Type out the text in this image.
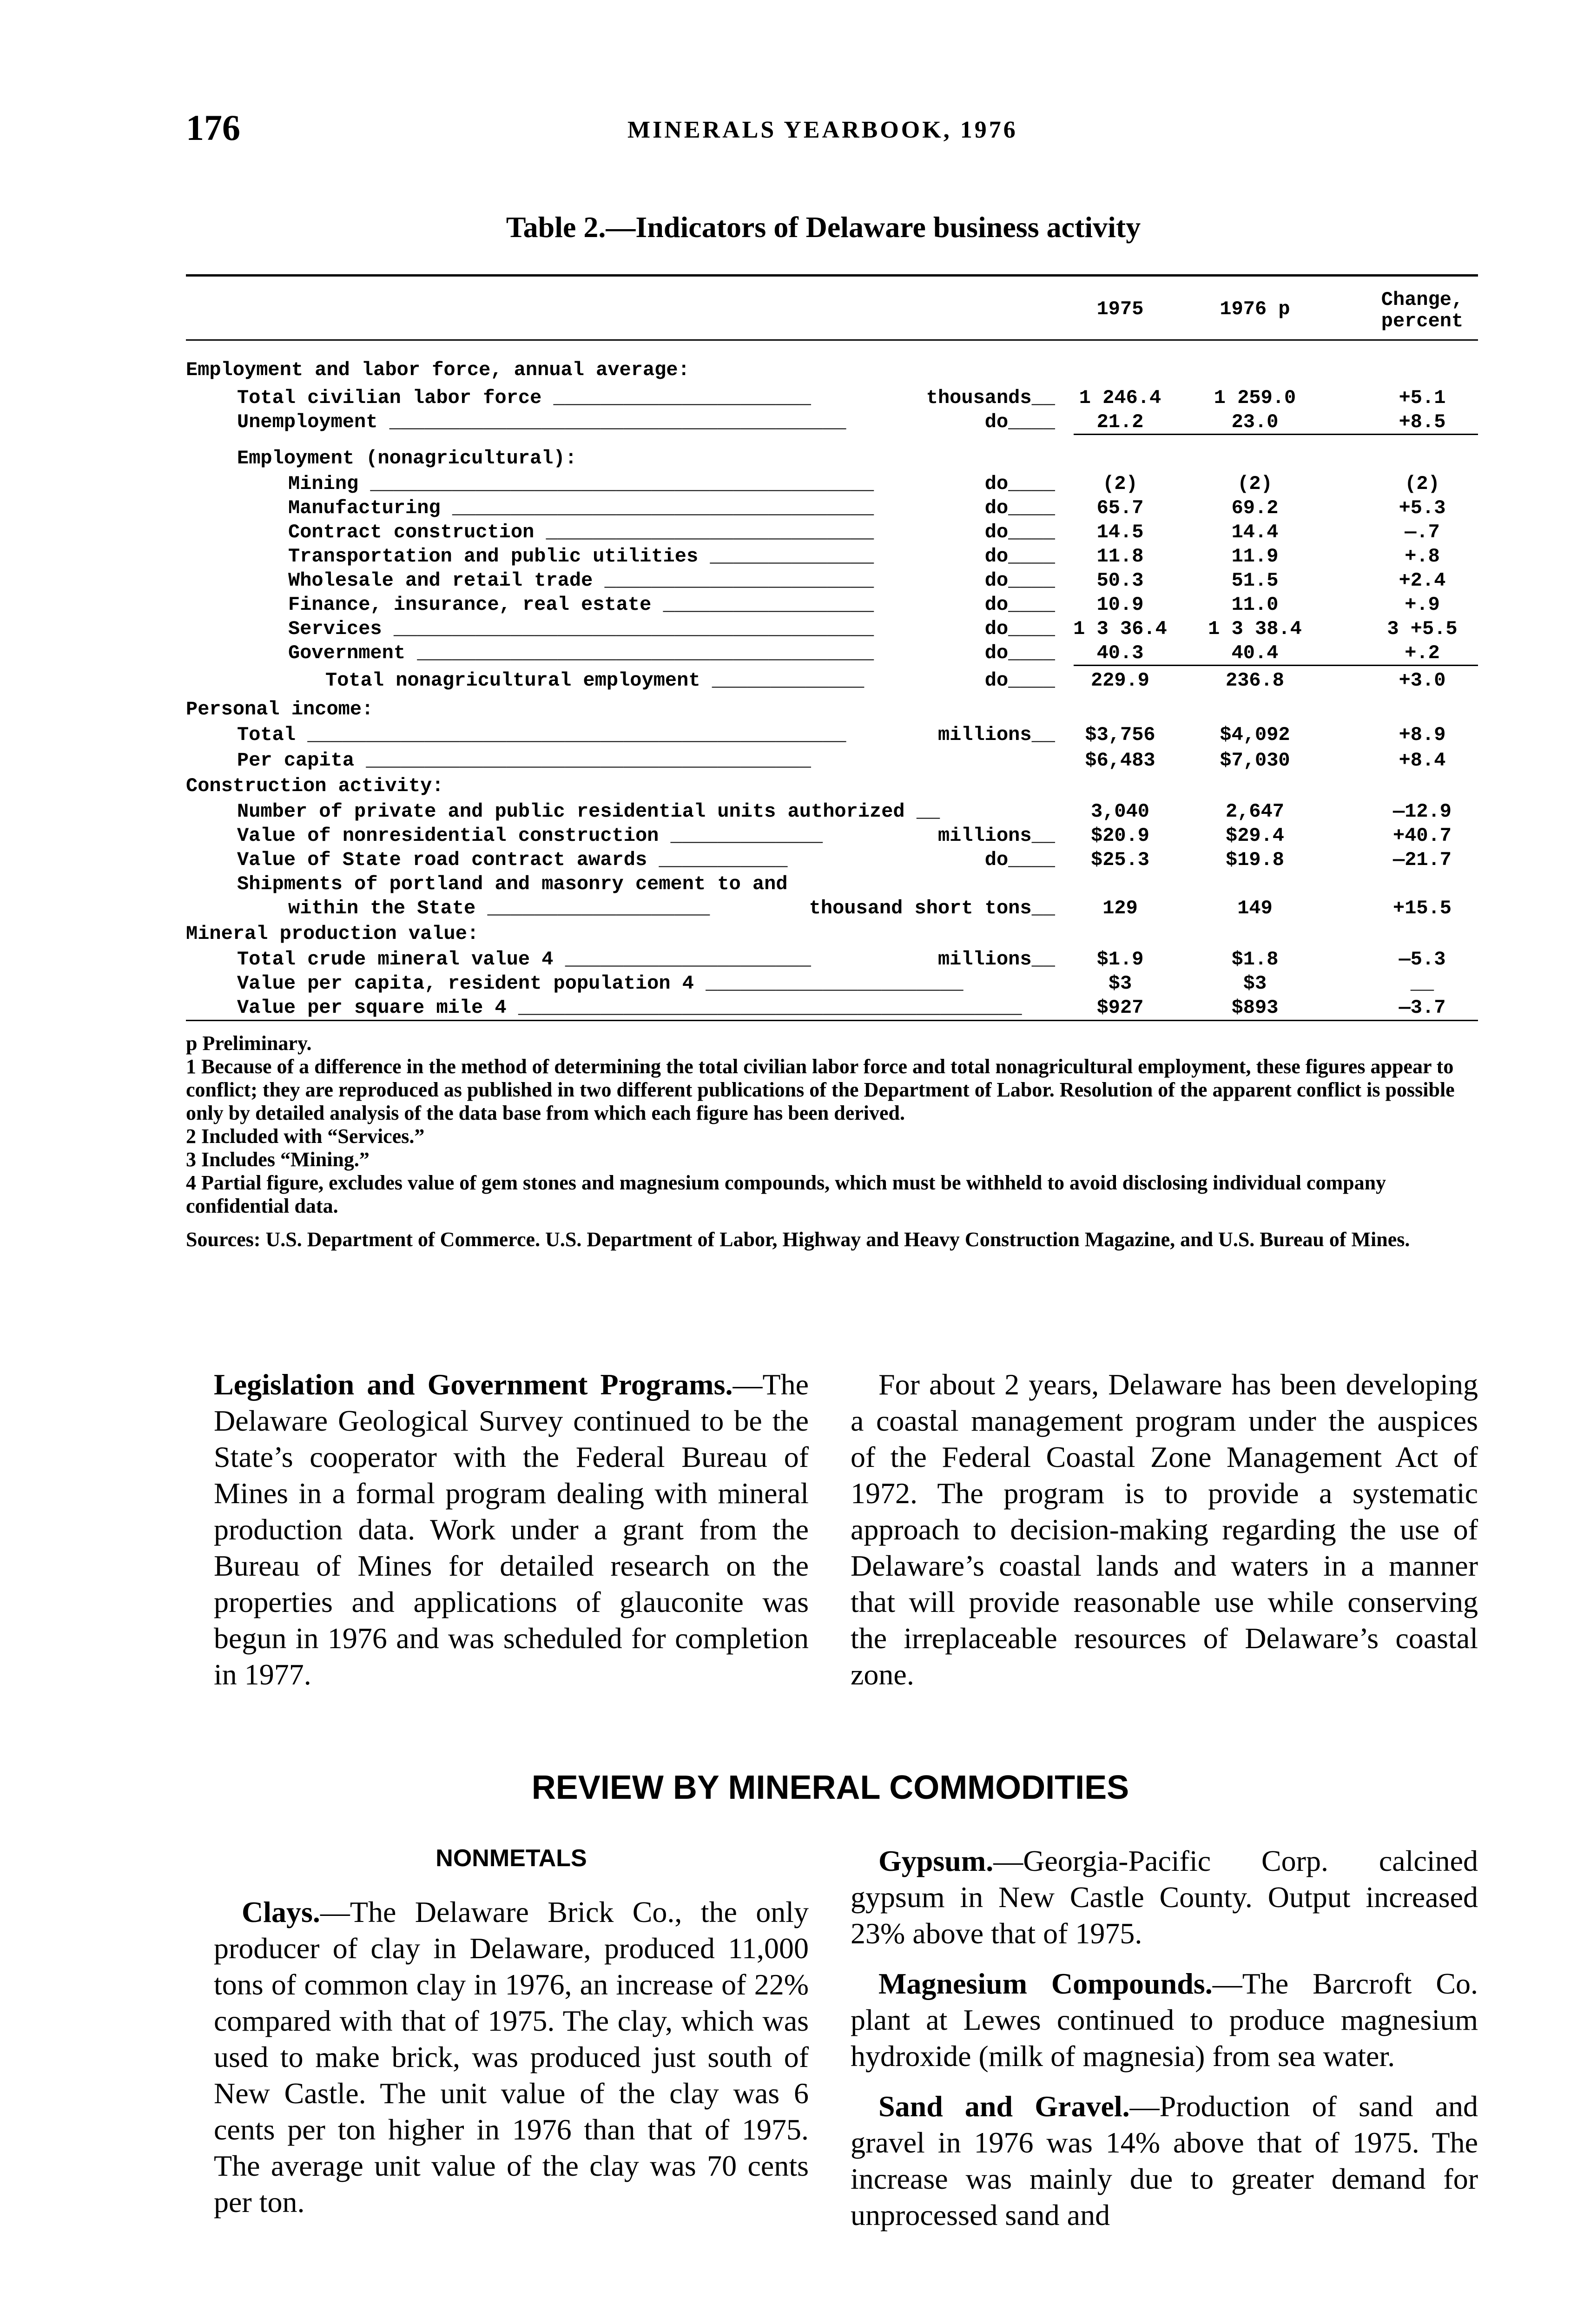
176	MINERALS YEARBOOK, 1976
Table 2.—Indicators of Delaware business activity
1975	1976 p	Change, percent
Employment and labor force, annual average:
Total civilian labor force ______________________	thousands__	1 246.4	1 259.0	+5.1
Unemployment _______________________________________	do____	21.2	23.0	+8.5
Employment (nonagricultural):
Mining ___________________________________________	do____	(2)	(2)	(2)
Manufacturing ____________________________________	do____	65.7	69.2	+5.3
Contract construction ____________________________	do____	14.5	14.4	—.7
Transportation and public utilities ______________	do____	11.8	11.9	+.8
Wholesale and retail trade _______________________	do____	50.3	51.5	+2.4
Finance, insurance, real estate __________________	do____	10.9	11.0	+.9
Services _________________________________________	do____ 1 3 36.4	1 3 38.4	3 +5.5
Government _______________________________________	do____	40.3	40.4	+.2
Total nonagricultural employment _____________	do____	229.9	236.8	+3.0
Personal income:
Total ______________________________________________	millions__	$3,756	$4,092	+8.9
Per capita ______________________________________	$6,483	$7,030	+8.4
Construction activity:
Number of private and public residential units authorized __	3,040	2,647	—12.9
Value of nonresidential construction _____________	millions__	$20.9	$29.4	+40.7
Value of State road contract awards ___________	do____	$25.3	$19.8	—21.7
Shipments of portland and masonry cement to and
within the State ___________________	thousand short tons__	129	149	+15.5
Mineral production value:
Total crude mineral value 4 _____________________	millions__	$1.9	$1.8	—5.3
Value per capita, resident population 4 ______________________	$3	$3	__
Value per square mile 4 ___________________________________________	$927	$893	—3.7

p Preliminary.

1 Because of a difference in the method of determining the total civilian labor force and total nonagricultural employment, these figures appear to conflict; they are reproduced as published in two different publications of the Department of Labor. Resolution of the apparent conflict is possible only by detailed analysis of the data base from which each figure has been derived.

2 Included with “Services.”

3 Includes “Mining.”

4 Partial figure, excludes value of gem stones and magnesium compounds, which must be withheld to avoid disclosing individual company confidential data.

Sources: U.S. Department of Commerce. U.S. Department of Labor, Highway and Heavy Construction Magazine, and U.S. Bureau of Mines.

Legislation and Government Programs.—The Delaware Geological Survey continued to be the State’s cooperator with the Federal Bureau of Mines in a formal program dealing with mineral production data. Work under a grant from the Bureau of Mines for detailed research on the properties and applications of glauconite was begun in 1976 and was scheduled for completion in 1977.

For about 2 years, Delaware has been developing a coastal management program under the auspices of the Federal Coastal Zone Management Act of 1972. The program is to provide a systematic approach to decision-making regarding the use of Delaware’s coastal lands and waters in a manner that will provide reasonable use while conserving the irreplaceable resources of Delaware’s coastal zone.

REVIEW BY MINERAL COMMODITIES
NONMETALS

Clays.—The Delaware Brick Co., the only producer of clay in Delaware, produced 11,000 tons of common clay in 1976, an increase of 22% compared with that of 1975. The clay, which was used to make brick, was produced just south of New Castle. The unit value of the clay was 6 cents per ton higher in 1976 than that of 1975. The average unit value of the clay was 70 cents per ton.

Gypsum.—Georgia-Pacific Corp. calcined gypsum in New Castle County. Output increased 23% above that of 1975.

Magnesium Compounds.—The Barcroft Co. plant at Lewes continued to produce magnesium hydroxide (milk of magnesia) from sea water.

Sand and Gravel.—Production of sand and gravel in 1976 was 14% above that of 1975. The increase was mainly due to greater demand for unprocessed sand and
